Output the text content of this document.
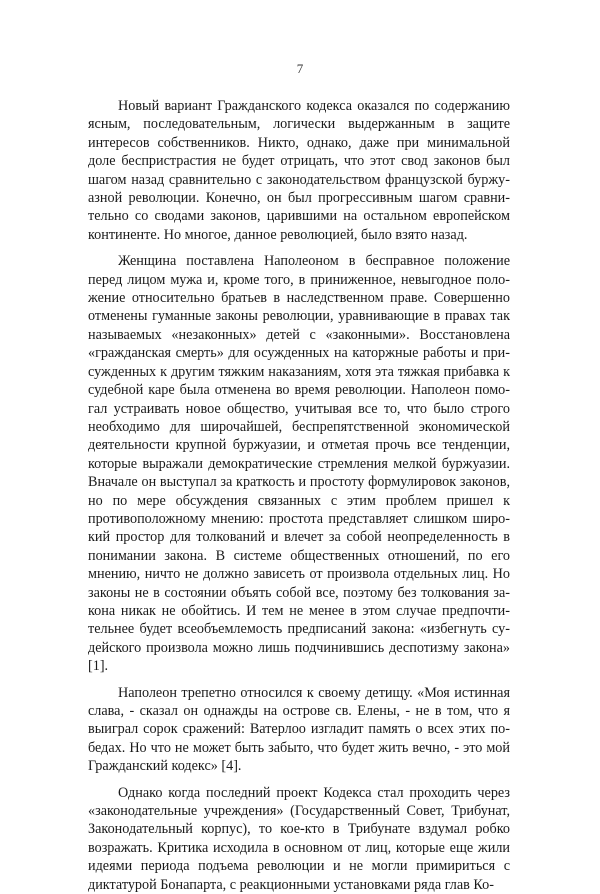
7

Новый вариант Гражданского кодекса оказался по содержанию ясным, последовательным, логически выдержанным в защите интересов собственников. Никто, однако, даже при минимальной доле беспристрастия не будет отрицать, что этот свод законов был шагом назад сравнительно с законодательством французской буржуазной революции. Конечно, он был прогрессивным шагом сравнительно со сводами законов, царившими на остальном европейском континенте. Но многое, данное революцией, было взято назад.

Женщина поставлена Наполеоном в бесправное положение перед лицом мужа и, кроме того, в приниженное, невыгодное положение относительно братьев в наследственном праве. Совершенно отменены гуманные законы революции, уравнивающие в правах так называемых «незаконных» детей с «законными». Восстановлена «гражданская смерть» для осужденных на каторжные работы и присужденных к другим тяжким наказаниям, хотя эта тяжкая прибавка к судебной каре была отменена во время революции. Наполеон помогал устраивать новое общество, учитывая все то, что было строго необходимо для широчайшей, беспрепятственной экономической деятельности крупной буржуазии, и отметая прочь все тенденции, которые выражали демократические стремления мелкой буржуазии. Вначале он выступал за краткость и простоту формулировок законов, но по мере обсуждения связанных с этим проблем пришел к противоположному мнению: простота представляет слишком широкий простор для толкований и влечет за собой неопределенность в понимании закона. В системе общественных отношений, по его мнению, ничто не должно зависеть от произвола отдельных лиц. Но законы не в состоянии объять собой все, поэтому без толкования закона никак не обойтись. И тем не менее в этом случае предпочтительнее будет всеобъемлемость предписаний закона: «избегнуть судейского произвола можно лишь подчинившись деспотизму закона» [1].

Наполеон трепетно относился к своему детищу. «Моя истинная слава, - сказал он однажды на острове св. Елены, - не в том, что я выиграл сорок сражений: Ватерлоо изгладит память о всех этих победах. Но что не может быть забыто, что будет жить вечно, - это мой Гражданский кодекс» [4].

Однако когда последний проект Кодекса стал проходить через «законодательные учреждения» (Государственный Совет, Трибунат, Законодательный корпус), то кое-кто в Трибунате вздумал робко возражать. Критика исходила в основном от лиц, которые еще жили идеями периода подъема революции и не могли примириться с диктатурой Бонапарта, с реакционными установками ряда глав Ко-
